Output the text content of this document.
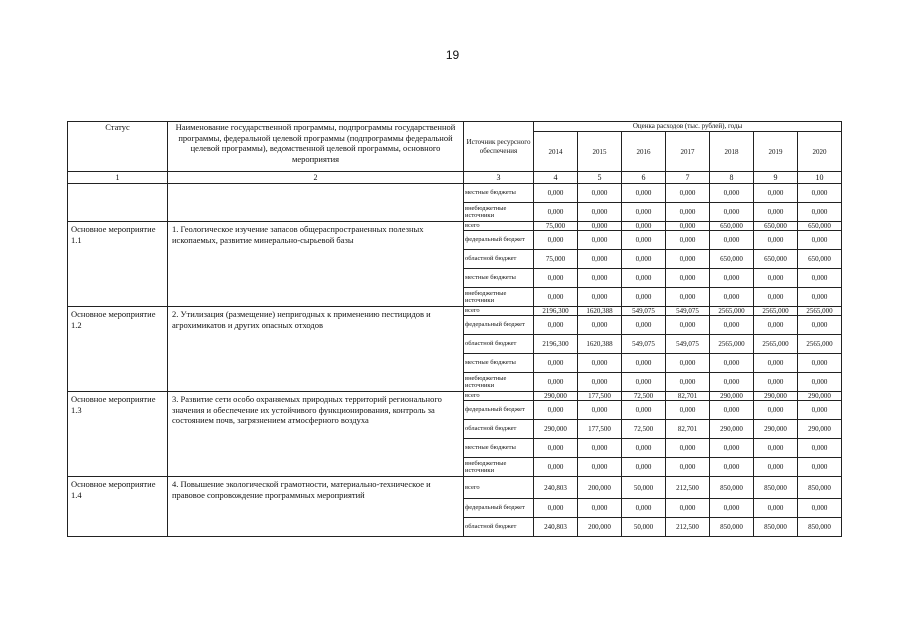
19
Статус	Наименование государственной программы, подпрограммы государственной программы, федеральной целевой программы (подпрограммы федеральной целевой программы), ведомственной целевой программы, основного мероприятия	Источник ресурсного обеспечения	Оценка расходов (тыс. рублей), годы						
			2014	2015	2016	2017	2018	2019	2020
1	2	3	4	5	6	7	8	9	10
		местные бюджеты	0,000	0,000	0,000	0,000	0,000	0,000	0,000
		внебюджетные источники	0,000	0,000	0,000	0,000	0,000	0,000	0,000
Основное мероприятие 1.1	1. Геологическое изучение запасов общераспространенных полезных ископаемых, развитие минерально-сырьевой базы	всего	75,000	0,000	0,000	0,000	650,000	650,000	650,000
		федеральный бюджет	0,000	0,000	0,000	0,000	0,000	0,000	0,000
		областной бюджет	75,000	0,000	0,000	0,000	650,000	650,000	650,000
		местные бюджеты	0,000	0,000	0,000	0,000	0,000	0,000	0,000
		внебюджетные источники	0,000	0,000	0,000	0,000	0,000	0,000	0,000
Основное мероприятие 1.2	2. Утилизация (размещение) непригодных к применению пестицидов и агрохимикатов и других опасных отходов	всего	2196,300	1620,388	549,075	549,075	2565,000	2565,000	2565,000
		федеральный бюджет	0,000	0,000	0,000	0,000	0,000	0,000	0,000
		областной бюджет	2196,300	1620,388	549,075	549,075	2565,000	2565,000	2565,000
		местные бюджеты	0,000	0,000	0,000	0,000	0,000	0,000	0,000
		внебюджетные источники	0,000	0,000	0,000	0,000	0,000	0,000	0,000
Основное мероприятие 1.3	3. Развитие сети особо охраняемых природных территорий регионального значения и обеспечение их устойчивого функционирования, контроль за состоянием почв, загрязнением атмосферного воздуха	всего	290,000	177,500	72,500	82,701	290,000	290,000	290,000
		федеральный бюджет	0,000	0,000	0,000	0,000	0,000	0,000	0,000
		областной бюджет	290,000	177,500	72,500	82,701	290,000	290,000	290,000
		местные бюджеты	0,000	0,000	0,000	0,000	0,000	0,000	0,000
		внебюджетные источники	0,000	0,000	0,000	0,000	0,000	0,000	0,000
Основное мероприятие 1.4	4. Повышение экологической грамотности, материально-техническое и правовое сопровождение программных мероприятий	всего	240,803	200,000	50,000	212,500	850,000	850,000	850,000
		федеральный бюджет	0,000	0,000	0,000	0,000	0,000	0,000	0,000
		областной бюджет	240,803	200,000	50,000	212,500	850,000	850,000	850,000
